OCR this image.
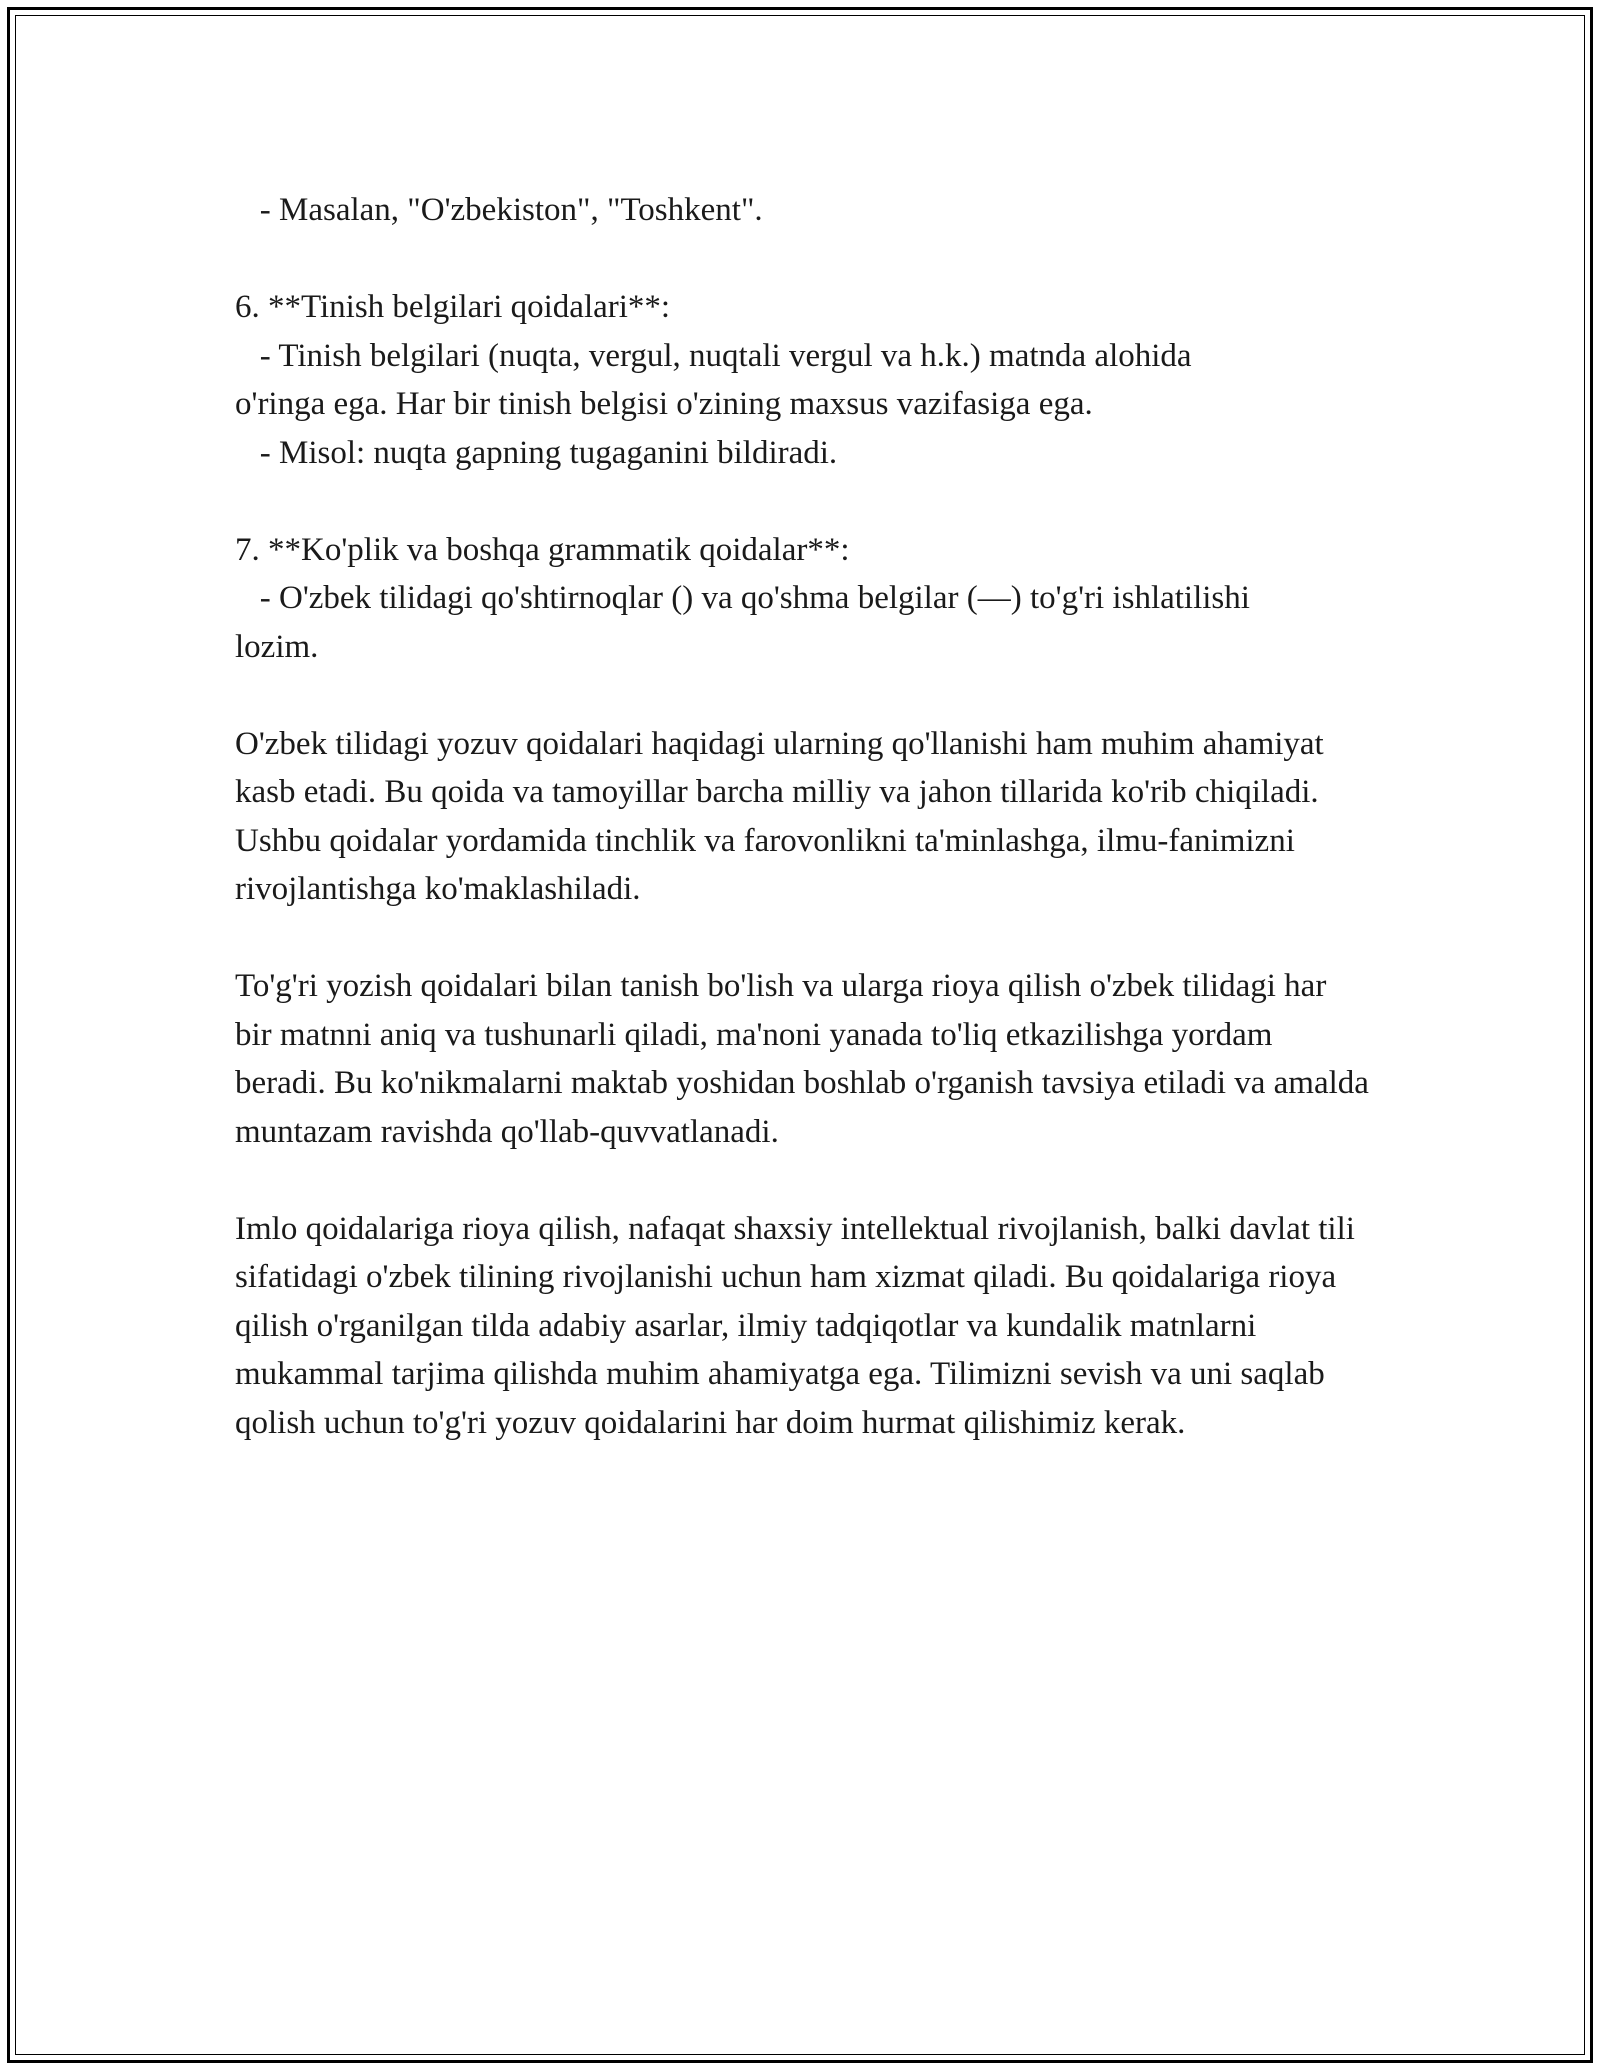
- Masalan, "O'zbekiston", "Toshkent".
6. **Tinish belgilari qoidalari**:
- Tinish belgilari (nuqta, vergul, nuqtali vergul va h.k.) matnda alohida
o'ringa ega. Har bir tinish belgisi o'zining maxsus vazifasiga ega.
- Misol: nuqta gapning tugaganini bildiradi.
7. **Ko'plik va boshqa grammatik qoidalar**:
- O'zbek tilidagi qo'shtirnoqlar () va qo'shma belgilar (—) to'g'ri ishlatilishi
lozim.
O'zbek tilidagi yozuv qoidalari haqidagi ularning qo'llanishi ham muhim ahamiyat kasb etadi. Bu qoida va tamoyillar barcha milliy va jahon tillarida ko'rib chiqiladi. Ushbu qoidalar yordamida tinchlik va farovonlikni ta'minlashga, ilmu-fanimizni rivojlantishga ko'maklashiladi.
To'g'ri yozish qoidalari bilan tanish bo'lish va ularga rioya qilish o'zbek tilidagi har bir matnni aniq va tushunarli qiladi, ma'noni yanada to'liq etkazilishga yordam beradi. Bu ko'nikmalarni maktab yoshidan boshlab o'rganish tavsiya etiladi va amalda muntazam ravishda qo'llab-quvvatlanadi.
Imlo qoidalariga rioya qilish, nafaqat shaxsiy intellektual rivojlanish, balki davlat tili sifatidagi o'zbek tilining rivojlanishi uchun ham xizmat qiladi. Bu qoidalariga rioya qilish o'rganilgan tilda adabiy asarlar, ilmiy tadqiqotlar va kundalik matnlarni mukammal tarjima qilishda muhim ahamiyatga ega. Tilimizni sevish va uni saqlab qolish uchun to'g'ri yozuv qoidalarini har doim hurmat qilishimiz kerak.
